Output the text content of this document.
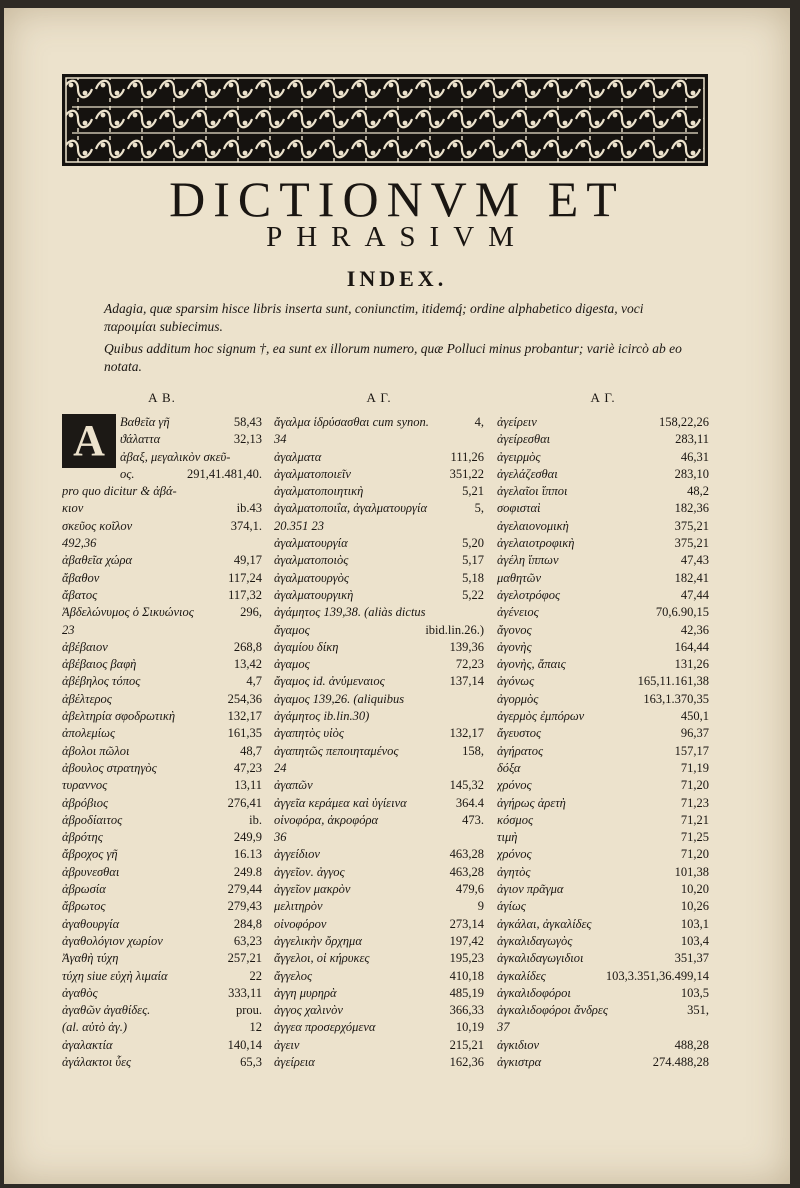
DICTIONVM ET
PHRASIVM
INDEX.

Adagia, quæ sparsim hisce libris inserta sunt, coniunctim, itidemq́; ordine alphabetico digesta, voci παροιμίαι subiecimus.

Quibus additum hoc signum †, ea sunt ex illorum numero, quæ Polluci minus probantur; variè icircò ab eo notata.

A B.
A	Βαθεῖα γῆ	58,43
ϑάλαττα	32,13
ἀβαξ, μεγαλικὸν σκεῦ-
ος.	291,41.481,40.
pro quo dicitur & ἀβά-
κιον	ib.43
σκεῦος κοῖλον	374,1.
492,36
ἀβαθεῖα χώρα	49,17
ἄβαθον	117,24
ἄβατος	117,32
Ἀβδελώνυμος ὁ Σικυώνιος	296,
23
ἀβέβαιον	268,8
ἀβέβαιος βαφὴ	13,42
ἀβέβηλος τόπος	4,7
ἀβέλτερος	254,36
ἀβελτηρία σφοδρωτικὴ	132,17
ἀπολεμίως	161,35
ἀβολοι πῶλοι	48,7
ἀβουλος στρατηγὸς	47,23
τυραννος	13,11
ἀβρόβιος	276,41
ἁβροδίαιτος	ib.
ἀβρότης	249,9
ἄβροχος γῆ	16.13
ἀβρυνεσθαι	249.8
ἀβρωσία	279,44
ἄβρωτος	279,43
ἀγαθουργία	284,8
ἀγαθολόγιον χωρίον	63,23
Ἀγαθὴ τύχη	257,21
τύχη siue εὐχὴ λιμαία	22
ἀγαθὸς	333,11
ἀγαθῶν ἀγαθίδες.	prou.
(al. αὐτὸ ἀγ.)	12
ἀγαλακτία	140,14
ἀγάλακτοι ὗες	65,3
A Γ.
ἄγαλμα ἱδρύσασθαι cum synon.	4,
34
ἀγαλματα	111,26
ἀγαλματοποιεῖν	351,22
ἀγαλματοποιητικὴ	5,21
ἀγαλματοποιΐα, ἀγαλματουργία	5,
20.351 23
ἀγαλματουργία	5,20
ἀγαλματοποιὸς	5,17
ἀγαλματουργὸς	5,18
ἀγαλματουργικὴ	5,22
ἀγάμητος 139,38. (aliàs dictus
ἄγαμος	ibid.lin.26.)
ἀγαμίου δίκη	139,36
ἀγαμος	72,23
ἄγαμος id. ἀνύμεναιος	137,14
ἀγαμος 139,26. (aliquibus
ἀγάμητος ib.lin.30)
ἀγαπητὸς υἱὸς	132,17
ἀγαπητῶς πεποιηταμένος	158,
24
ἀγαπῶν	145,32
ἀγγεῖα κεράμεα καὶ ὑγίεινα	364.4
οἰνοφόρα, ἀκροφόρα	473.
36
ἀγγείδιον	463,28
ἀγγεῖον. ἀγγος	463,28
ἀγγεῖον μακρὸν	479,6
μελιτηρὸν	9
οἰνοφόρον	273,14
ἀγγελικὴν ὄρχημα	197,42
ἄγγελοι, οἱ κήρυκες	195,23
ἄγγελος	410,18
ἀγγη μυρηρὰ	485,19
ἀγγος χαλινὸν	366,33
ἀγγεα προσερχόμενα	10,19
ἀγειν	215,21
ἀγείρεια	162,36
A Γ.
ἀγείρειν	158,22,26
ἀγείρεσθαι	283,11
ἀγειρμὸς	46,31
ἀγελάζεσθαι	283,10
ἀγελαῖοι ἵπποι	48,2
σοφισταὶ	182,36
ἀγελαιονομικὴ	375,21
ἀγελαιοτροφικὴ	375,21
ἀγέλη ἵππων	47,43
μαθητῶν	182,41
ἀγελοτρόφος	47,44
ἀγένειος	70,6.90,15
ἄγονος	42,36
ἀγονὴς	164,44
ἀγονὴς, ἄπαις	131,26
ἀγόνως	165,11.161,38
ἀγορμὸς	163,1.370,35
ἀγερμὸς ἐμπόρων	450,1
ἄγευστος	96,37
ἀγήρατος	157,17
δόξα	71,19
χρόνος	71,20
ἀγήρως ἀρετὴ	71,23
κόσμος	71,21
τιμὴ	71,25
χρόνος	71,20
ἀγητὸς	101,38
ἀγιον πρᾶγμα	10,20
ἁγίως	10,26
ἀγκάλαι, ἀγκαλίδες	103,1
ἀγκαλιδαγωγὸς	103,4
ἀγκαλιδαγωγιδιοι	351,37
ἀγκαλίδες	103,3.351,36.499,14
ἀγκαλιδοφόροι	103,5
ἀγκαλιδοφόροι ἄνδρες	351,
37
ἀγκιδιον	488,28
ἀγκιστρα	274.488,28
